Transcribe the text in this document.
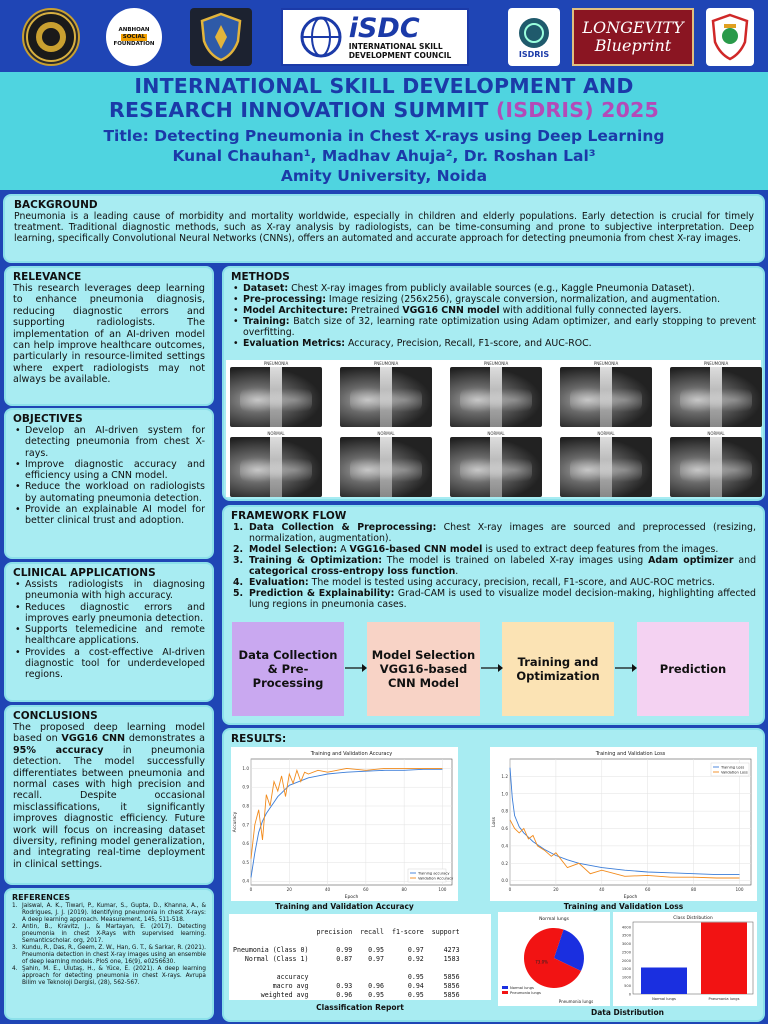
ANBHOAN
SOCIAL
FOUNDATION	iSDC
INTERNATIONAL SKILL
DEVELOPMENT COUNCIL	ISDRIS
LONGEVITY
Blueprint
INTERNATIONAL SKILL DEVELOPMENT AND
RESEARCH INNOVATION SUMMIT (ISDRIS) 2025
Title: Detecting Pneumonia in Chest X-rays using Deep Learning
Kunal Chauhan¹, Madhav Ahuja², Dr. Roshan Lal³
Amity University, Noida
BACKGROUND
Pneumonia is a leading cause of morbidity and mortality worldwide, especially in children and elderly populations. Early detection is crucial for timely treatment. Traditional diagnostic methods, such as X-ray analysis by radiologists, can be time-consuming and prone to subjective interpretation. Deep learning, specifically Convolutional Neural Networks (CNNs), offers an automated and accurate approach for detecting pneumonia from chest X-ray images.
RELEVANCE
This research leverages deep learning to enhance pneumonia diagnosis, reducing diagnostic errors and supporting radiologists. The implementation of an AI-driven model can help improve healthcare outcomes, particularly in resource-limited settings where expert radiologists may not always be available.
OBJECTIVES
• Develop an AI-driven system for detecting pneumonia from chest X-rays.
• Improve diagnostic accuracy and efficiency using a CNN model.
• Reduce the workload on radiologists by automating pneumonia detection.
• Provide an explainable AI model for better clinical trust and adoption.
CLINICAL APPLICATIONS
• Assists radiologists in diagnosing pneumonia with high accuracy.
• Reduces diagnostic errors and improves early pneumonia detection.
• Supports telemedicine and remote healthcare applications.
• Provides a cost-effective AI-driven diagnostic tool for underdeveloped regions.
CONCLUSIONS
The proposed deep learning model based on VGG16 CNN demonstrates a 95% accuracy in pneumonia detection. The model successfully differentiates between pneumonia and normal cases with high precision and recall. Despite occasional misclassifications, it significantly improves diagnostic efficiency. Future work will focus on increasing dataset diversity, refining model generalization, and integrating real-time deployment in clinical settings.
REFERENCES
1. Jaiswal, A. K., Tiwari, P., Kumar, S., Gupta, D., Khanna, A., & Rodrigues, J. J. (2019). Identifying pneumonia in chest X-rays: A deep learning approach. Measurement, 145, 511-518.
2. Antin, B., Kravitz, J., & Martayan, E. (2017). Detecting pneumonia in chest X-Rays with supervised learning. Semanticscholar. org, 2017.
3. Kundu, R., Das, R., Geem, Z. W., Han, G. T., & Sarkar, R. (2021). Pneumonia detection in chest X-ray images using an ensemble of deep learning models. PloS one, 16(9), e0256630.
4. Şahin, M. E., Ulutaş, H., & Yüce, E. (2021). A deep learning approach for detecting pneumonia in chest X-rays. Avrupa Bilim ve Teknoloji Dergisi, (28), 562-567.
METHODS
• Dataset: Chest X-ray images from publicly available sources (e.g., Kaggle Pneumonia Dataset).
• Pre-processing: Image resizing (256x256), grayscale conversion, normalization, and augmentation.
• Model Architecture: Pretrained VGG16 CNN model with additional fully connected layers.
• Training: Batch size of 32, learning rate optimization using Adam optimizer, and early stopping to prevent overfitting.
• Evaluation Metrics: Accuracy, Precision, Recall, F1-score, and AUC-ROC.
PNEUMONIA	PNEUMONIA	PNEUMONIA	PNEUMONIA	PNEUMONIA
NORMAL	NORMAL	NORMAL	NORMAL	NORMAL
FRAMEWORK FLOW
1. Data Collection & Preprocessing: Chest X-ray images are sourced and preprocessed (resizing, normalization, augmentation).
2. Model Selection: A VGG16-based CNN model is used to extract deep features from the images.
3. Training & Optimization: The model is trained on labeled X-ray images using Adam optimizer and categorical cross-entropy loss function.
4. Evaluation: The model is tested using accuracy, precision, recall, F1-score, and AUC-ROC metrics.
5. Prediction & Explainability: Grad-CAM is used to visualize model decision-making, highlighting affected lung regions in pneumonia cases.
Data Collection & Pre-Processing
Model Selection VGG16-based CNN Model
Training and Optimization	Prediction
RESULTS:
Training and Validation Accuracy
0	20	40	60	80	100
0.4
0.5
0.6
0.7
0.8
0.9
1.0
Epoch
Accuracy
Training accuracy
Validation Accuracy
Training and Validation Accuracy
Training and Validation Loss
0	20	40	60	80	100
0.0
0.2
0.4
0.6
0.8
1.0
1.2
Epoch
Loss
Training Loss
Validation Loss
Training and Validation Loss
	precision	recall	f1-score	support

Pneumonia (Class 0)	0.99	0.95	0.97	4273
Normal (Class 1)	0.87	0.97	0.92	1583

accuracy			0.95	5856
macro avg	0.93	0.96	0.94	5856
weighted avg	0.96	0.95	0.95	5856
Classification Report
Normal lungs
73.0%
Pneumonia lungs
Normal lungs
Pneumonia lungs
Class Distribution
0
500
1000
1500
2000
2500
3000
3500
4000
Normal lungs	Pneumonia lungs
Data Distribution
